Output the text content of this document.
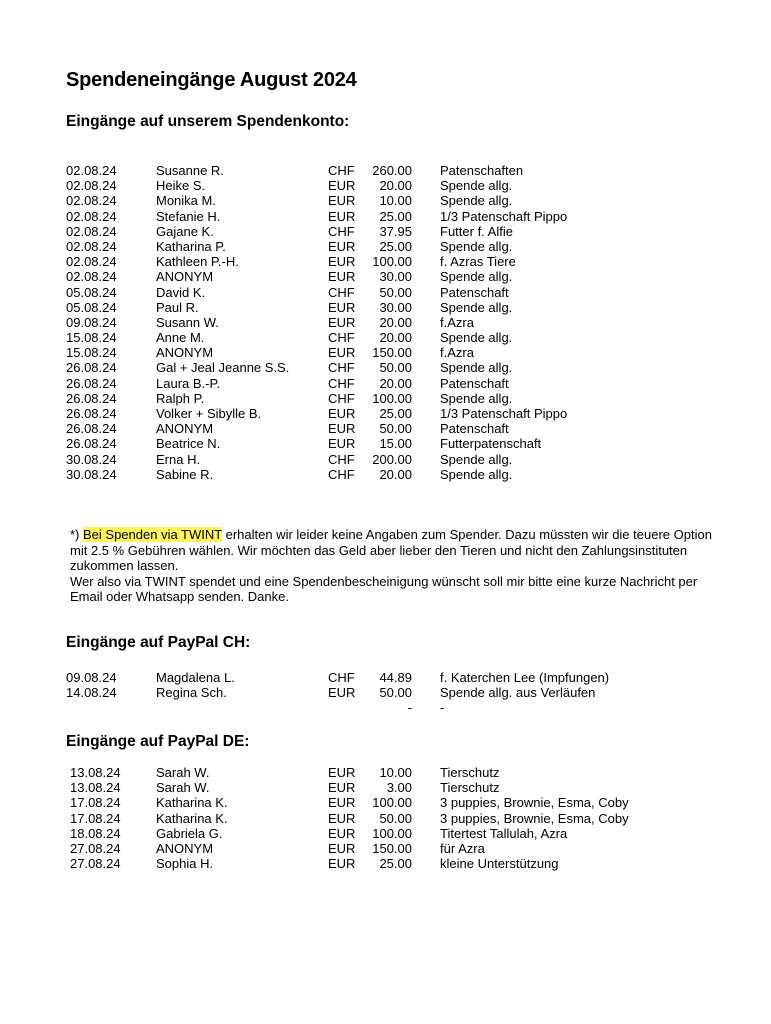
Spendeneingänge August 2024
Eingänge auf unserem Spendenkonto:
02.08.24	Susanne R.	CHF	260.00 Patenschaften
02.08.24	Heike S.	EUR	20.00 Spende allg.
02.08.24	Monika M.	EUR	10.00 Spende allg.
02.08.24	Stefanie H.	EUR	25.00 1/3 Patenschaft Pippo
02.08.24	Gajane K.	CHF	37.95 Futter f. Alfie
02.08.24	Katharina P.	EUR	25.00 Spende allg.
02.08.24	Kathleen P.-H.	EUR	100.00 f. Azras Tiere
02.08.24	ANONYM	EUR	30.00 Spende allg.
05.08.24	David K.	CHF	50.00 Patenschaft
05.08.24	Paul R.	EUR	30.00 Spende allg.
09.08.24	Susann W.	EUR	20.00 f.Azra
15.08.24	Anne M.	CHF	20.00 Spende allg.
15.08.24	ANONYM	EUR	150.00 f.Azra
26.08.24	Gal + Jeal Jeanne S.S.	CHF	50.00 Spende allg.
26.08.24	Laura B.-P.	CHF	20.00 Patenschaft
26.08.24	Ralph P.	CHF	100.00 Spende allg.
26.08.24	Volker + Sibylle B.	EUR	25.00 1/3 Patenschaft Pippo
26.08.24	ANONYM	EUR	50.00 Patenschaft
26.08.24	Beatrice N.	EUR	15.00 Futterpatenschaft
30.08.24	Erna H.	CHF	200.00 Spende allg.
30.08.24	Sabine R.	CHF	20.00 Spende allg.

*) Bei Spenden via TWINT erhalten wir leider keine Angaben zum Spender. Dazu müssten wir die teuere Option mit 2.5 % Gebühren wählen. Wir möchten das Geld aber lieber den Tieren und nicht den Zahlungsinstituten zukommen lassen.

Wer also via TWINT spendet und eine Spendenbescheinigung wünscht soll mir bitte eine kurze Nachricht per Email oder Whatsapp senden. Danke.

Eingänge auf PayPal CH:
09.08.24	Magdalena L.	CHF	44.89 f. Katerchen Lee (Impfungen)
14.08.24	Regina Sch.	EUR	50.00 Spende allg. aus Verläufen
- -
Eingänge auf PayPal DE:
13.08.24	Sarah W.	EUR	10.00 Tierschutz
13.08.24	Sarah W.	EUR	3.00 Tierschutz
17.08.24	Katharina K.	EUR	100.00 3 puppies, Brownie, Esma, Coby
17.08.24	Katharina K.	EUR	50.00 3 puppies, Brownie, Esma, Coby
18.08.24	Gabriela G.	EUR	100.00 Titertest Tallulah, Azra
27.08.24	ANONYM	EUR	150.00 für Azra
27.08.24	Sophia H.	EUR	25.00 kleine Unterstützung
